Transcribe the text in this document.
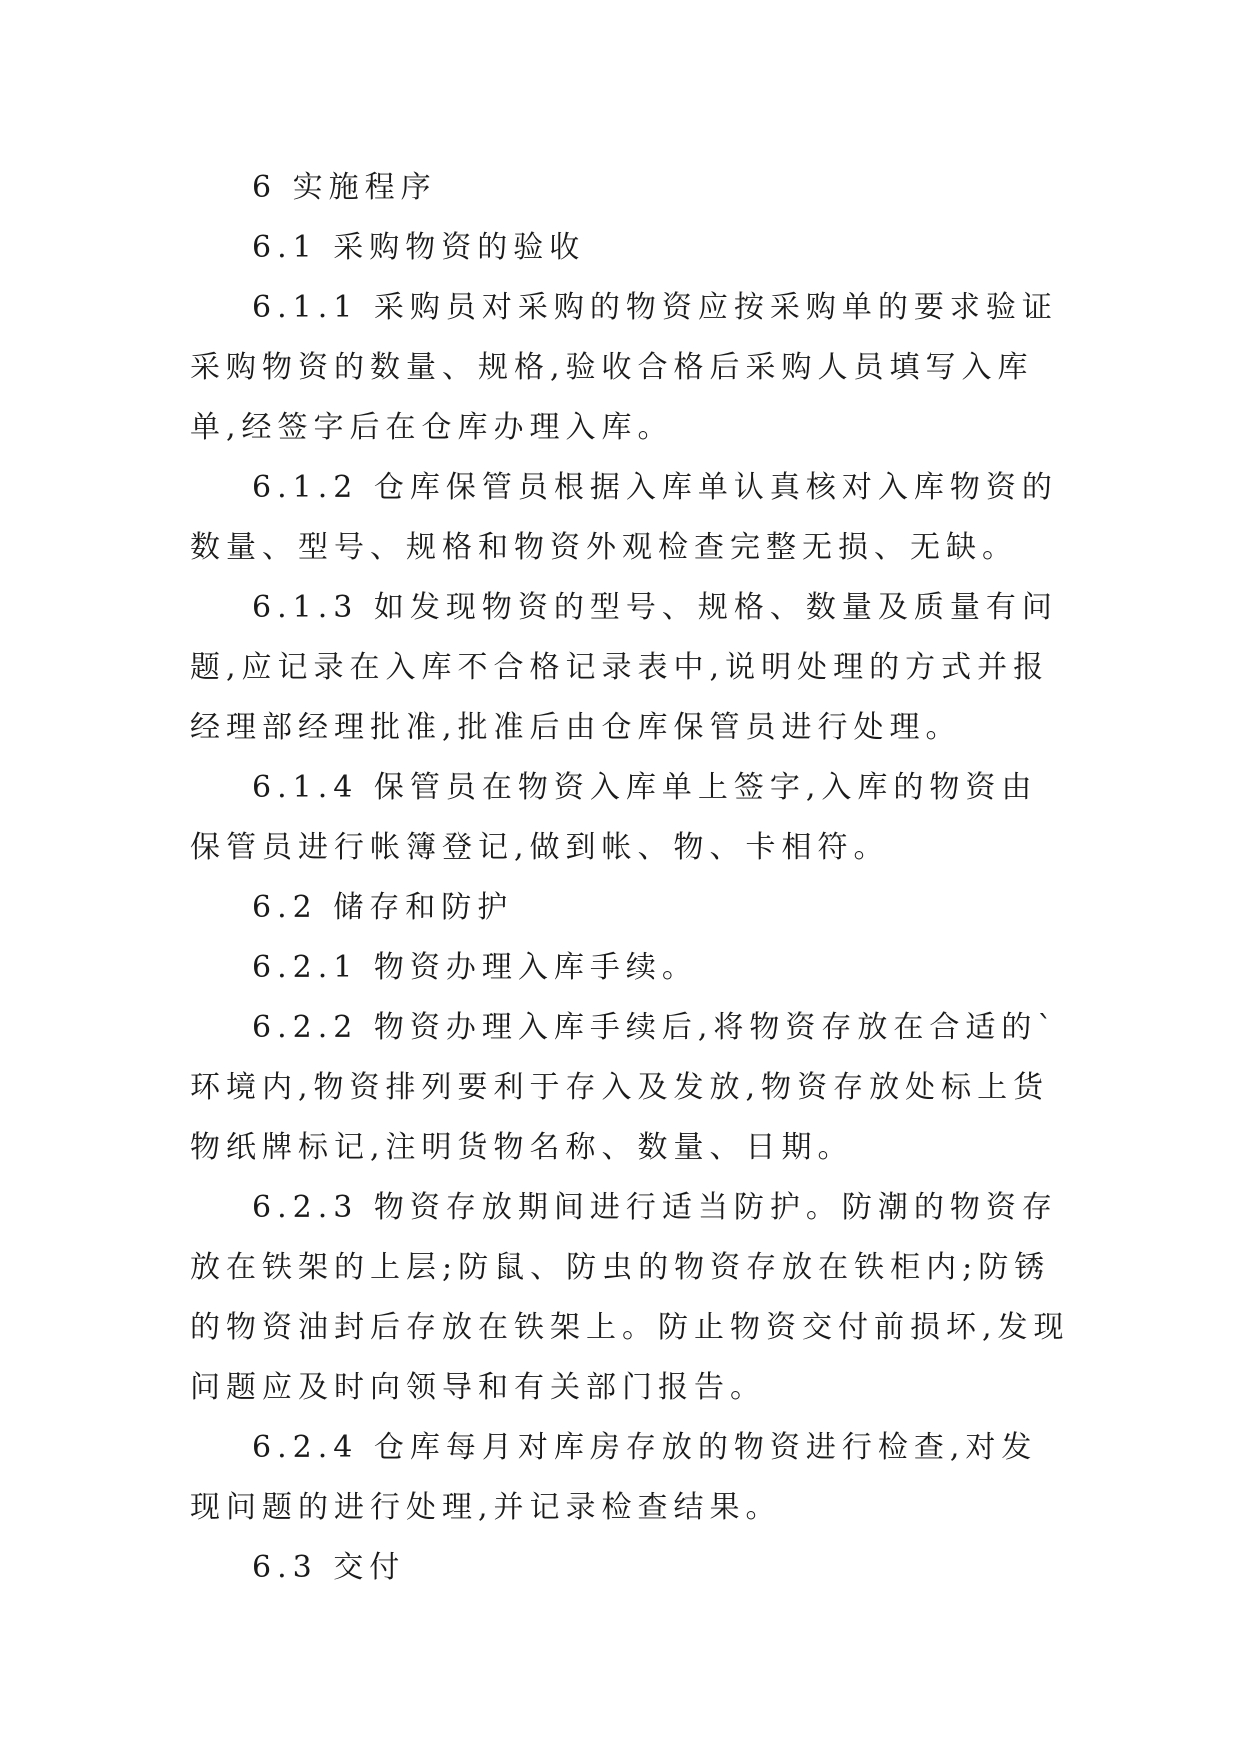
6 实施程序

6.1 采购物资的验收

6.1.1 采购员对采购的物资应按采购单的要求验证采购物资的数量、规格,验收合格后采购人员填写入库单,经签字后在仓库办理入库。

6.1.2 仓库保管员根据入库单认真核对入库物资的数量、型号、规格和物资外观检查完整无损、无缺。

6.1.3 如发现物资的型号、规格、数量及质量有问题,应记录在入库不合格记录表中,说明处理的方式并报经理部经理批准,批准后由仓库保管员进行处理。

6.1.4 保管员在物资入库单上签字,入库的物资由保管员进行帐簿登记,做到帐、物、卡相符。

6.2 储存和防护

6.2.1 物资办理入库手续。

6.2.2 物资办理入库手续后,将物资存放在合适的`环境内,物资排列要利于存入及发放,物资存放处标上货物纸牌标记,注明货物名称、数量、日期。

6.2.3 物资存放期间进行适当防护。防潮的物资存放在铁架的上层;防鼠、防虫的物资存放在铁柜内;防锈的物资油封后存放在铁架上。防止物资交付前损坏,发现问题应及时向领导和有关部门报告。

6.2.4 仓库每月对库房存放的物资进行检查,对发现问题的进行处理,并记录检查结果。

6.3 交付
